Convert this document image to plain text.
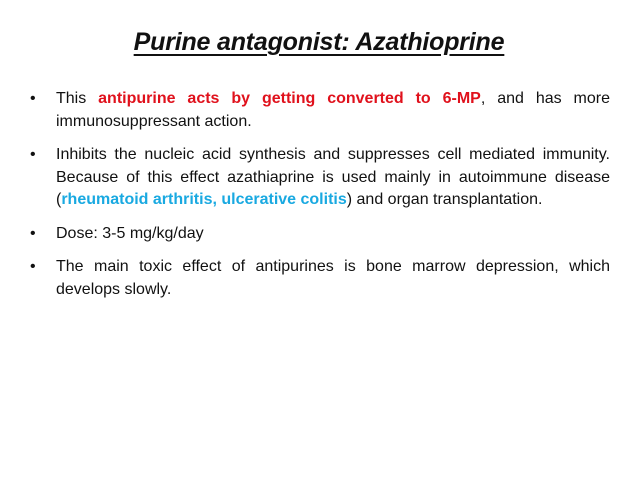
Purine antagonist: Azathioprine
• This antipurine acts by getting converted to 6-MP, and has more immunosuppressant action.
• Inhibits the nucleic acid synthesis and suppresses cell mediated immunity. Because of this effect azathiaprine is used mainly in autoimmune disease (rheumatoid arthritis, ulcerative colitis) and organ transplantation.
• Dose: 3-5 mg/kg/day
• The main toxic effect of antipurines is bone marrow depression, which develops slowly.
